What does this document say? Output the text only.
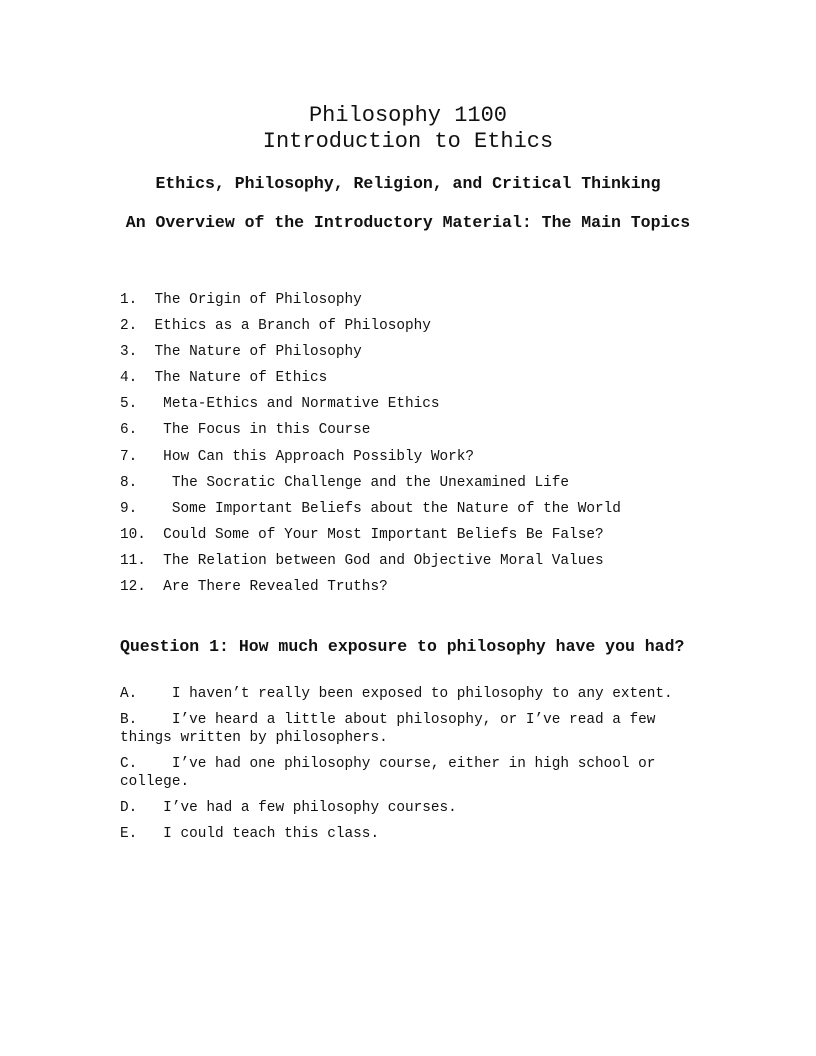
Philosophy 1100
Introduction to Ethics
Ethics, Philosophy, Religion, and Critical Thinking
An Overview of the Introductory Material: The Main Topics
1.  The Origin of Philosophy
2.  Ethics as a Branch of Philosophy
3.  The Nature of Philosophy
4.  The Nature of Ethics
5.   Meta-Ethics and Normative Ethics
6.   The Focus in this Course
7.   How Can this Approach Possibly Work?
8.    The Socratic Challenge and the Unexamined Life
9.    Some Important Beliefs about the Nature of the World
10.  Could Some of Your Most Important Beliefs Be False?
11.  The Relation between God and Objective Moral Values
12.  Are There Revealed Truths?
Question 1: How much exposure to philosophy have you had?
A.    I haven’t really been exposed to philosophy to any extent.
B.    I’ve heard a little about philosophy, or I’ve read a few things written by philosophers.
C.    I’ve had one philosophy course, either in high school or college.
D.   I’ve had a few philosophy courses.
E.   I could teach this class.
